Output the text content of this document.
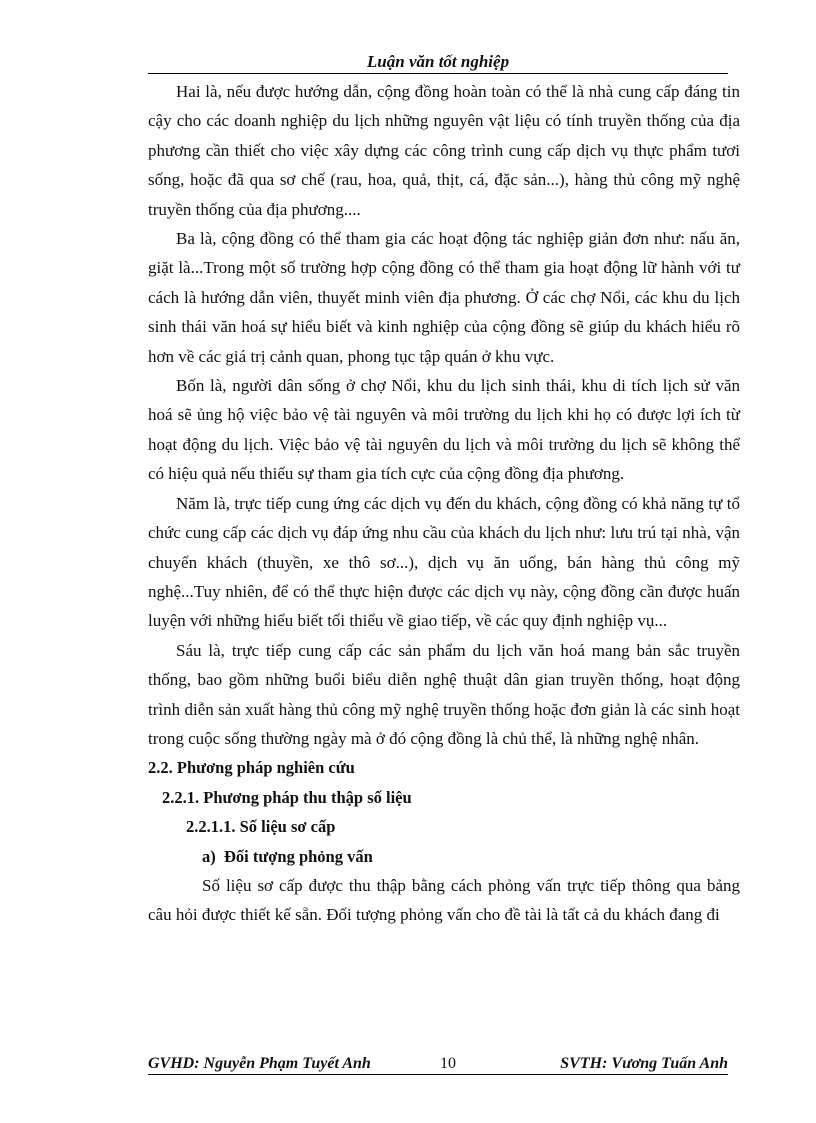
Luận văn tốt nghiệp

Hai là, nếu được hướng dẫn, cộng đồng hoàn toàn có thể là nhà cung cấp đáng tin cậy cho các doanh nghiệp du lịch những nguyên vật liệu có tính truyền thống của địa phương cần thiết cho việc xây dựng các công trình cung cấp dịch vụ thực phẩm tươi sống, hoặc đã qua sơ chế (rau, hoa, quả, thịt, cá, đặc sản...), hàng thủ công mỹ nghệ truyền thống của địa phương....

Ba là, cộng đồng có thể tham gia các hoạt động tác nghiệp giản đơn như: nấu ăn, giặt là...Trong một số trường hợp cộng đồng có thể tham gia hoạt động lữ hành với tư cách là hướng dẫn viên, thuyết minh viên địa phương. Ở các chợ Nổi, các khu du lịch sinh thái văn hoá sự hiểu biết và kinh nghiệp của cộng đồng sẽ giúp du khách hiểu rõ hơn về các giá trị cảnh quan, phong tục tập quán ở khu vực.

Bốn là, người dân sống ở chợ Nổi, khu du lịch sinh thái, khu di tích lịch sử văn hoá sẽ ủng hộ việc bảo vệ tài nguyên và môi trường du lịch khi họ có được lợi ích từ hoạt động du lịch. Việc bảo vệ tài nguyên du lịch và môi trường du lịch sẽ không thể có hiệu quả nếu thiếu sự tham gia tích cực của cộng đồng địa phương.

Năm là, trực tiếp cung ứng các dịch vụ đến du khách, cộng đồng có khả năng tự tổ chức cung cấp các dịch vụ đáp ứng nhu cầu của khách du lịch như: lưu trú tại nhà, vận chuyển khách (thuyền, xe thô sơ...), dịch vụ ăn uống, bán hàng thủ công mỹ nghệ...Tuy nhiên, để có thể thực hiện được các dịch vụ này, cộng đồng cần được huấn luyện với những hiểu biết tối thiểu về giao tiếp, về các quy định nghiệp vụ...

Sáu là, trực tiếp cung cấp các sản phẩm du lịch văn hoá mang bản sắc truyền thống, bao gồm những buổi biểu diễn nghệ thuật dân gian truyền thống, hoạt động trình diễn sản xuất hàng thủ công mỹ nghệ truyền thống hoặc đơn giản là các sinh hoạt trong cuộc sống thường ngày mà ở đó cộng đồng là chủ thể, là những nghệ nhân.

2.2. Phương pháp nghiên cứu
2.2.1. Phương pháp thu thập số liệu
2.2.1.1. Số liệu sơ cấp
a) Đối tượng phỏng vấn

Số liệu sơ cấp được thu thập bằng cách phỏng vấn trực tiếp thông qua bảng câu hỏi được thiết kế sẵn. Đối tượng phỏng vấn cho đề tài là tất cả du khách đang đi

GVHD: Nguyễn Phạm Tuyết Anh	10	SVTH: Vương Tuấn Anh
